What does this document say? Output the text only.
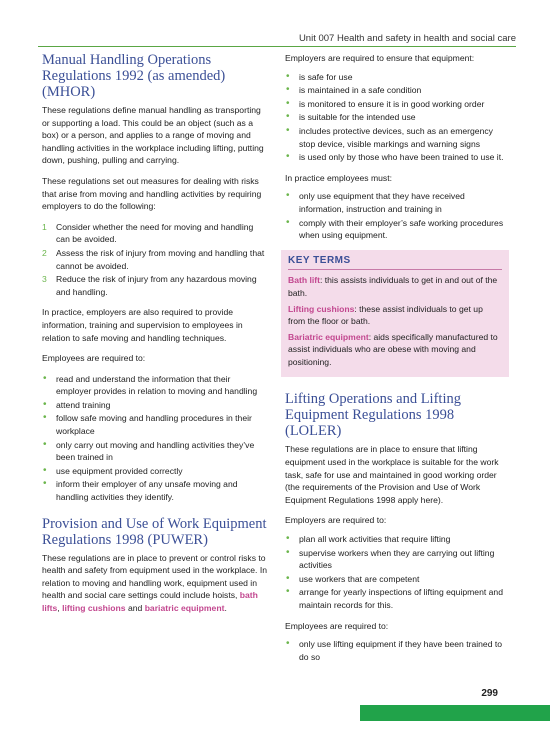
Unit 007 Health and safety in health and social care
Manual Handling Operations Regulations 1992 (as amended) (MHOR)

These regulations define manual handling as transporting or supporting a load. This could be an object (such as a box) or a person, and applies to a range of moving and handling activities in the workplace including lifting, putting down, pushing, pulling and carrying.

These regulations set out measures for dealing with risks that arise from moving and handling activities by requiring employers to do the following:

1 Consider whether the need for moving and handling can be avoided.
2 Assess the risk of injury from moving and handling that cannot be avoided.
3 Reduce the risk of injury from any hazardous moving and handling.

In practice, employers are also required to provide information, training and supervision to employees in relation to safe moving and handling techniques.

Employees are required to:

• read and understand the information that their employer provides in relation to moving and handling
• attend training
• follow safe moving and handling procedures in their workplace
• only carry out moving and handling activities they’ve been trained in
• use equipment provided correctly
• inform their employer of any unsafe moving and handling activities they identify.
Provision and Use of Work Equipment Regulations 1998 (PUWER)

These regulations are in place to prevent or control risks to health and safety from equipment used in the workplace. In relation to moving and handling work, equipment used in health and social care settings could include hoists, bath lifts, lifting cushions and bariatric equipment.

Employers are required to ensure that equipment:

• is safe for use
• is maintained in a safe condition
• is monitored to ensure it is in good working order
• is suitable for the intended use
• includes protective devices, such as an emergency stop device, visible markings and warning signs
• is used only by those who have been trained to use it.

In practice employees must:

• only use equipment that they have received information, instruction and training in
• comply with their employer’s safe working procedures when using equipment.
KEY TERMS
Bath lift: this assists individuals to get in and out of the bath.
Lifting cushions: these assist individuals to get up from the floor or bath.
Bariatric equipment: aids specifically manufactured to assist individuals who are obese with moving and positioning.
Lifting Operations and Lifting Equipment Regulations 1998 (LOLER)

These regulations are in place to ensure that lifting equipment used in the workplace is suitable for the work task, safe for use and maintained in good working order (the requirements of the Provision and Use of Work Equipment Regulations 1998 apply here).

Employers are required to:

• plan all work activities that require lifting
• supervise workers when they are carrying out lifting activities
• use workers that are competent
• arrange for yearly inspections of lifting equipment and maintain records for this.

Employees are required to:

• only use lifting equipment if they have been trained to do so
299
